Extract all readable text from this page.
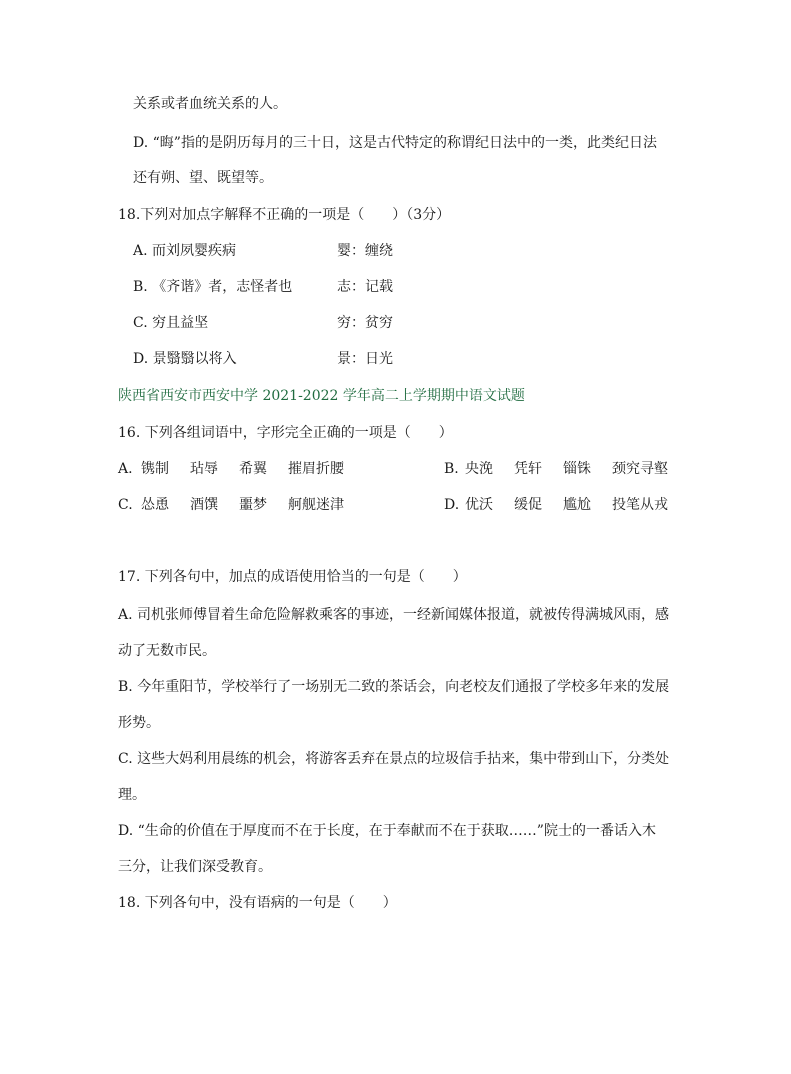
关系或者血统关系的人。
D. “晦”指的是阴历每月的三十日，这是古代特定的称谓纪日法中的一类，此类纪日法
还有朔、望、既望等。
18.下列对加点字解释不正确的一项是（　　）（3分）
A. 而刘夙婴疾病	婴：缠绕
B. 《齐谐》者，志怪者也	志：记载
C. 穷且益坚	穷：贫穷
D. 景翳翳以将入	景：日光
陕西省西安市西安中学 2021-2022 学年高二上学期期中语文试题
16. 下列各组词语中，字形完全正确的一项是（　　）
A. 镌制 玷辱 希翼 摧眉折腰	B. 央浼 凭轩 锱铢 颈究寻壑
C. 怂恿 酒馔 噩梦 舸舰迷津	D. 优沃 缓促 尴尬 投笔从戎
17. 下列各句中，加点的成语使用恰当的一句是（　　）
A. 司机张师傅冒着生命危险解救乘客的事迹，一经新闻媒体报道，就被传得满城风雨，感
动了无数市民。
B. 今年重阳节，学校举行了一场别无二致的茶话会，向老校友们通报了学校多年来的发展
形势。
C. 这些大妈利用晨练的机会，将游客丢弃在景点的垃圾信手拈来，集中带到山下，分类处
理。
D. “生命的价值在于厚度而不在于长度，在于奉献而不在于获取……”院士的一番话入木
三分，让我们深受教育。
18. 下列各句中，没有语病的一句是（　　）
